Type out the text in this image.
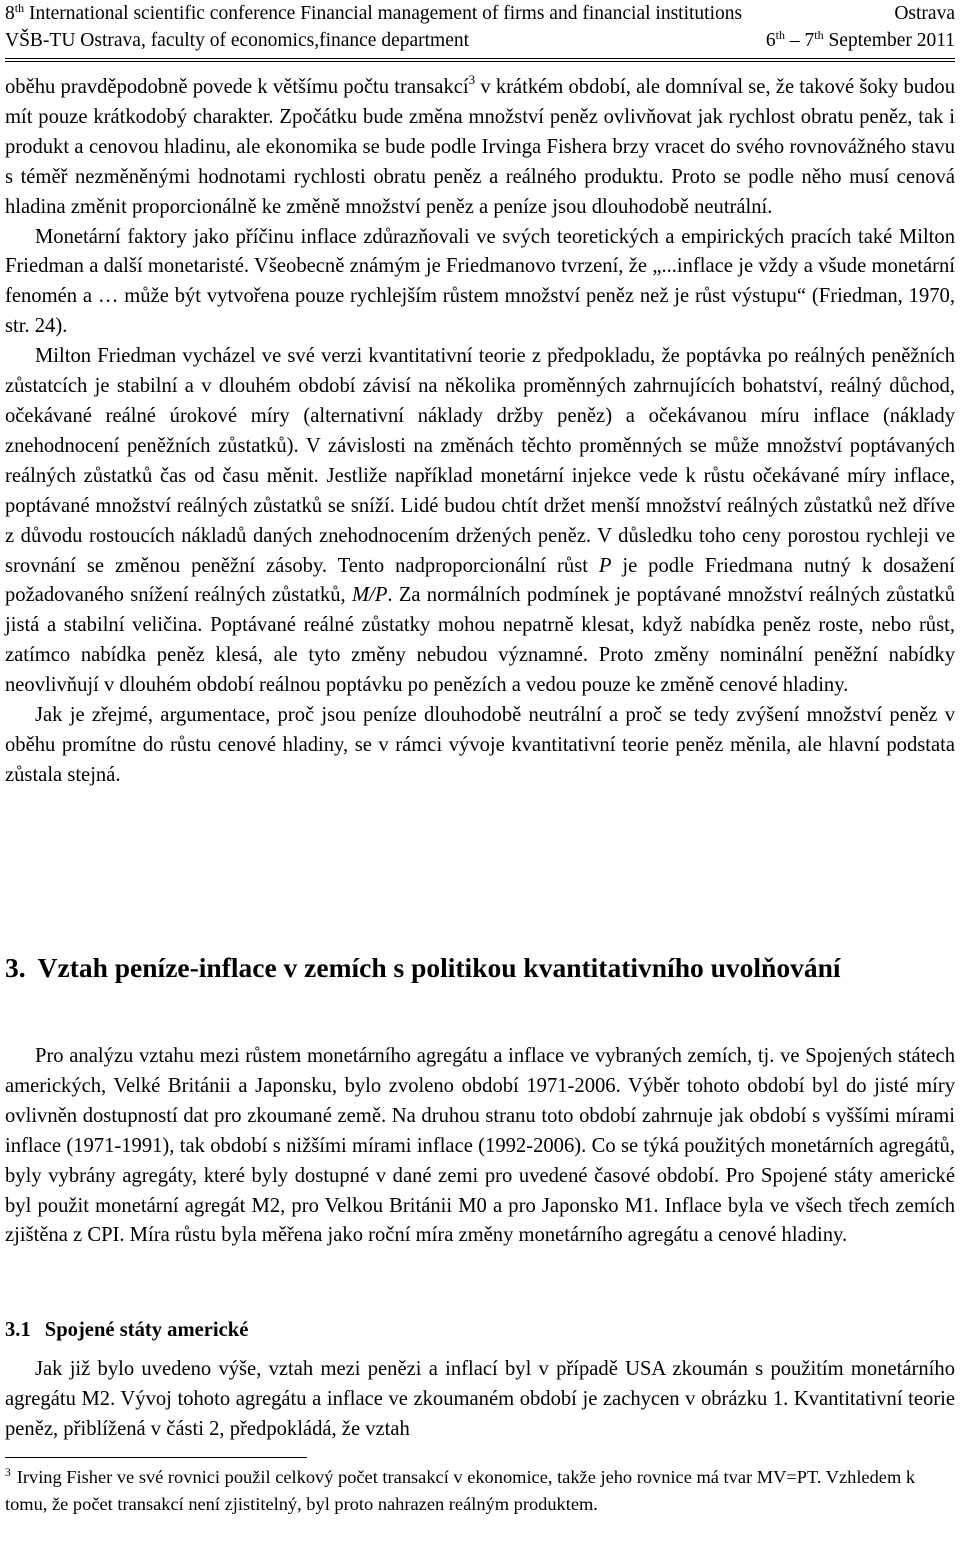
8th International scientific conference Financial management of firms and financial institutions	Ostrava
VŠB-TU Ostrava, faculty of economics,finance department	6th – 7th September 2011

oběhu pravděpodobně povede k většímu počtu transakcí$^3$ v krátkém období, ale domníval se, že takové šoky budou mít pouze krátkodobý charakter. Zpočátku bude změna množství peněz ovlivňovat jak rychlost obratu peněz, tak i produkt a cenovou hladinu, ale ekonomika se bude podle Irvinga Fishera brzy vracet do svého rovnovážného stavu s téměř nezměněnými hodnotami rychlosti obratu peněz a reálného produktu. Proto se podle něho musí cenová hladina změnit proporcionálně ke změně množství peněz a peníze jsou dlouhodobě neutrální.

Monetární faktory jako příčinu inflace zdůrazňovali ve svých teoretických a empirických pracích také Milton Friedman a další monetaristé. Všeobecně známým je Friedmanovo tvrzení, že „...inflace je vždy a všude monetární fenomén a … může být vytvořena pouze rychlejším růstem množství peněz než je růst výstupu“ (Friedman, 1970, str. 24).

Milton Friedman vycházel ve své verzi kvantitativní teorie z předpokladu, že poptávka po reálných peněžních zůstatcích je stabilní a v dlouhém období závisí na několika proměnných zahrnujících bohatství, reálný důchod, očekávané reálné úrokové míry (alternativní náklady držby peněz) a očekávanou míru inflace (náklady znehodnocení peněžních zůstatků). V závislosti na změnách těchto proměnných se může množství poptávaných reálných zůstatků čas od času měnit. Jestliže například monetární injekce vede k růstu očekávané míry inflace, poptávané množství reálných zůstatků se sníží. Lidé budou chtít držet menší množství reálných zůstatků než dříve z důvodu rostoucích nákladů daných znehodnocením držených peněz. V důsledku toho ceny porostou rychleji ve srovnání se změnou peněžní zásoby. Tento nadproporcionální růst P je podle Friedmana nutný k dosažení požadovaného snížení reálných zůstatků, M/P. Za normálních podmínek je poptávané množství reálných zůstatků jistá a stabilní veličina. Poptávané reálné zůstatky mohou nepatrně klesat, když nabídka peněz roste, nebo růst, zatímco nabídka peněz klesá, ale tyto změny nebudou významné. Proto změny nominální peněžní nabídky neovlivňují v dlouhém období reálnou poptávku po penězích a vedou pouze ke změně cenové hladiny.

Jak je zřejmé, argumentace, proč jsou peníze dlouhodobě neutrální a proč se tedy zvýšení množství peněz v oběhu promítne do růstu cenové hladiny, se v rámci vývoje kvantitativní teorie peněz měnila, ale hlavní podstata zůstala stejná.

3. Vztah peníze-inflace v zemích s politikou kvantitativního uvolňování

Pro analýzu vztahu mezi růstem monetárního agregátu a inflace ve vybraných zemích, tj. ve Spojených státech amerických, Velké Británii a Japonsku, bylo zvoleno období 1971-2006. Výběr tohoto období byl do jisté míry ovlivněn dostupností dat pro zkoumané země. Na druhou stranu toto období zahrnuje jak období s vyššími mírami inflace (1971-1991), tak období s nižšími mírami inflace (1992-2006). Co se týká použitých monetárních agregátů, byly vybrány agregáty, které byly dostupné v dané zemi pro uvedené časové období. Pro Spojené státy americké byl použit monetární agregát M2, pro Velkou Británii M0 a pro Japonsko M1. Inflace byla ve všech třech zemích zjištěna z CPI. Míra růstu byla měřena jako roční míra změny monetárního agregátu a cenové hladiny.

3.1 Spojené státy americké

Jak již bylo uvedeno výše, vztah mezi penězi a inflací byl v případě USA zkoumán s použitím monetárního agregátu M2. Vývoj tohoto agregátu a inflace ve zkoumaném období je zachycen v obrázku 1. Kvantitativní teorie peněz, přiblížená v části 2, předpokládá, že vztah

$^3$ Irving Fisher ve své rovnici použil celkový počet transakcí v ekonomice, takže jeho rovnice má tvar MV=PT. Vzhledem k tomu, že počet transakcí není zjistitelný, byl proto nahrazen reálným produktem.
